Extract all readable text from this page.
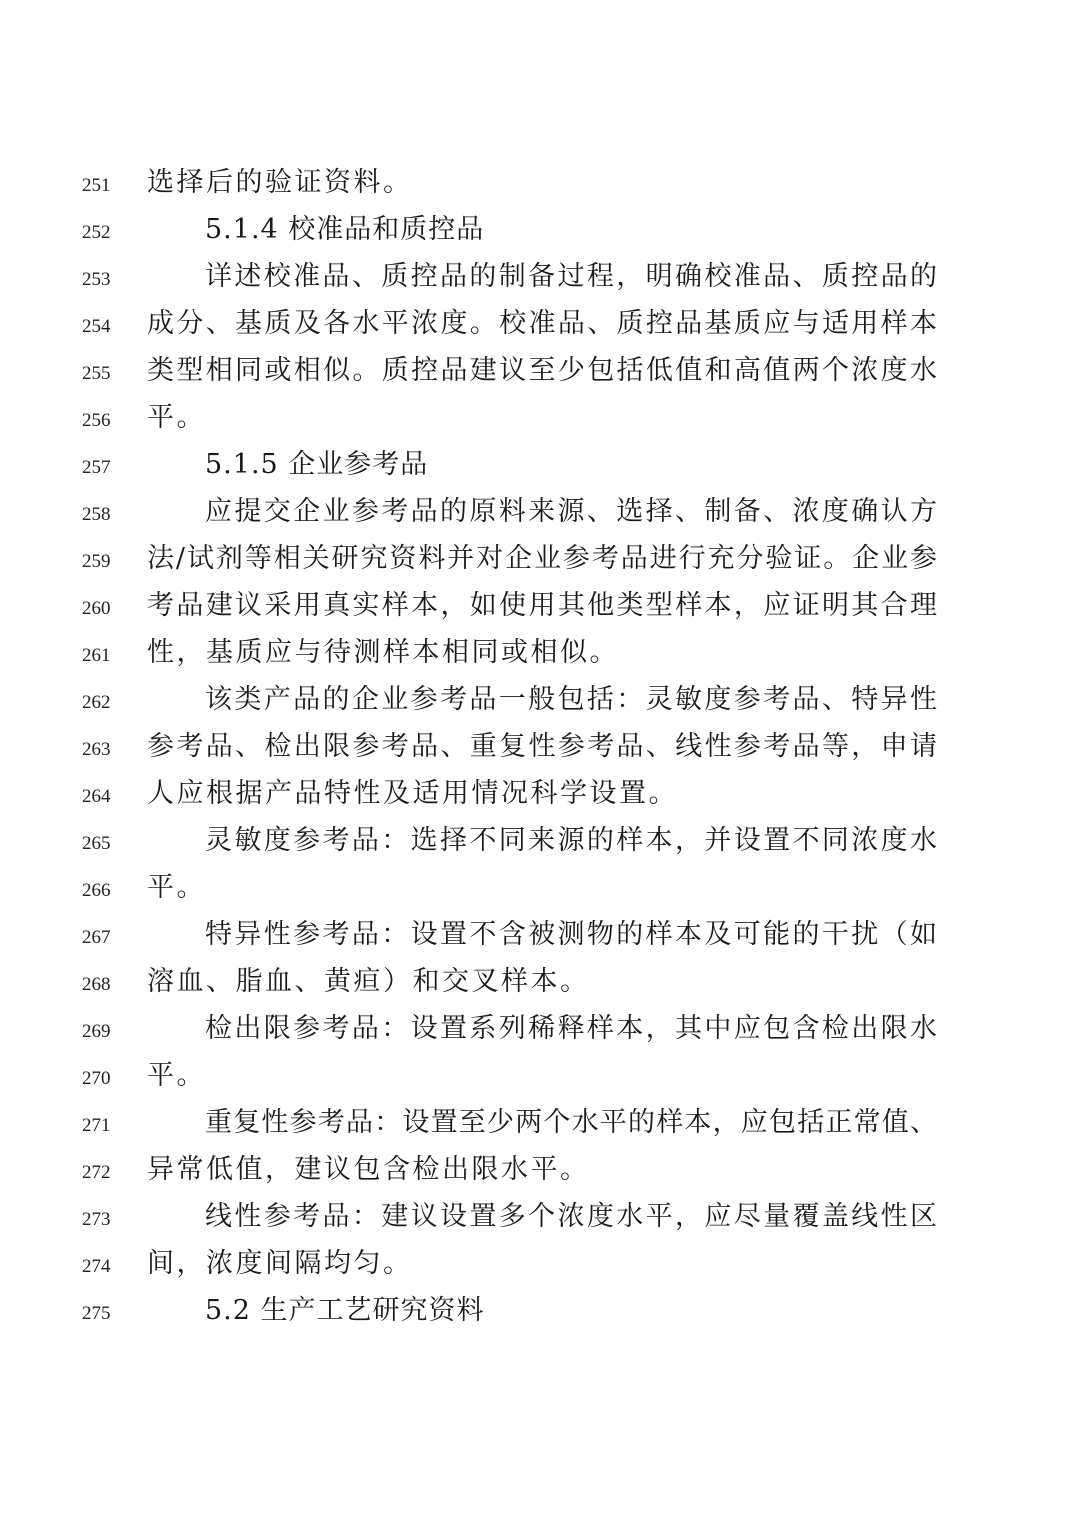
251	选择后的验证资料。
252	5.1.4 校准品和质控品
253	详述校准品、质控品的制备过程，明确校准品、质控品的
254	成分、基质及各水平浓度。校准品、质控品基质应与适用样本
255	类型相同或相似。质控品建议至少包括低值和高值两个浓度水
256	平。
257	5.1.5 企业参考品
258	应提交企业参考品的原料来源、选择、制备、浓度确认方
259	法/试剂等相关研究资料并对企业参考品进行充分验证。企业参
260	考品建议采用真实样本，如使用其他类型样本，应证明其合理
261	性，基质应与待测样本相同或相似。
262	该类产品的企业参考品一般包括：灵敏度参考品、特异性
263	参考品、检出限参考品、重复性参考品、线性参考品等，申请
264	人应根据产品特性及适用情况科学设置。
265	灵敏度参考品：选择不同来源的样本，并设置不同浓度水
266	平。
267	特异性参考品：设置不含被测物的样本及可能的干扰（如
268	溶血、脂血、黄疸）和交叉样本。
269	检出限参考品：设置系列稀释样本，其中应包含检出限水
270	平。
271	重复性参考品：设置至少两个水平的样本，应包括正常值、
272	异常低值，建议包含检出限水平。
273	线性参考品：建议设置多个浓度水平，应尽量覆盖线性区
274	间，浓度间隔均匀。
275	5.2 生产工艺研究资料
